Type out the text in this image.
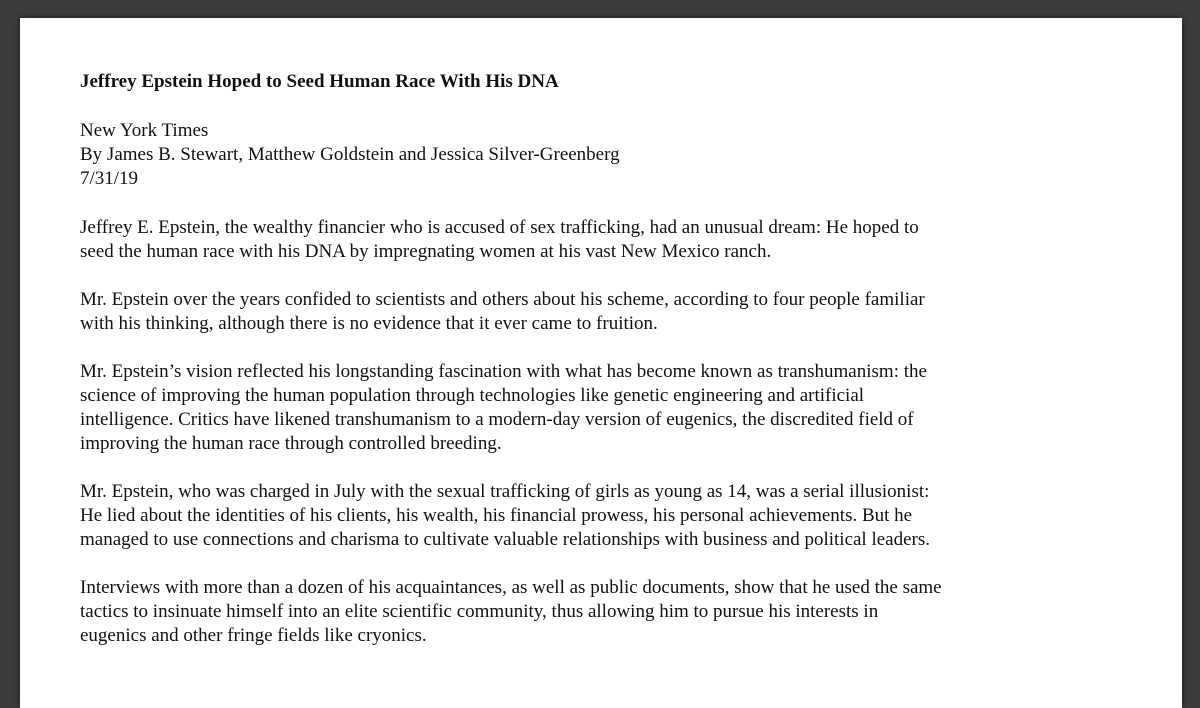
Jeffrey Epstein Hoped to Seed Human Race With His DNA
New York Times
By James B. Stewart, Matthew Goldstein and Jessica Silver-Greenberg
7/31/19
Jeffrey E. Epstein, the wealthy financier who is accused of sex trafficking, had an unusual dream: He hoped to
seed the human race with his DNA by impregnating women at his vast New Mexico ranch.
Mr. Epstein over the years confided to scientists and others about his scheme, according to four people familiar
with his thinking, although there is no evidence that it ever came to fruition.
Mr. Epstein’s vision reflected his longstanding fascination with what has become known as transhumanism: the
science of improving the human population through technologies like genetic engineering and artificial
intelligence. Critics have likened transhumanism to a modern-day version of eugenics, the discredited field of
improving the human race through controlled breeding.
Mr. Epstein, who was charged in July with the sexual trafficking of girls as young as 14, was a serial illusionist:
He lied about the identities of his clients, his wealth, his financial prowess, his personal achievements. But he
managed to use connections and charisma to cultivate valuable relationships with business and political leaders.
Interviews with more than a dozen of his acquaintances, as well as public documents, show that he used the same
tactics to insinuate himself into an elite scientific community, thus allowing him to pursue his interests in
eugenics and other fringe fields like cryonics.
